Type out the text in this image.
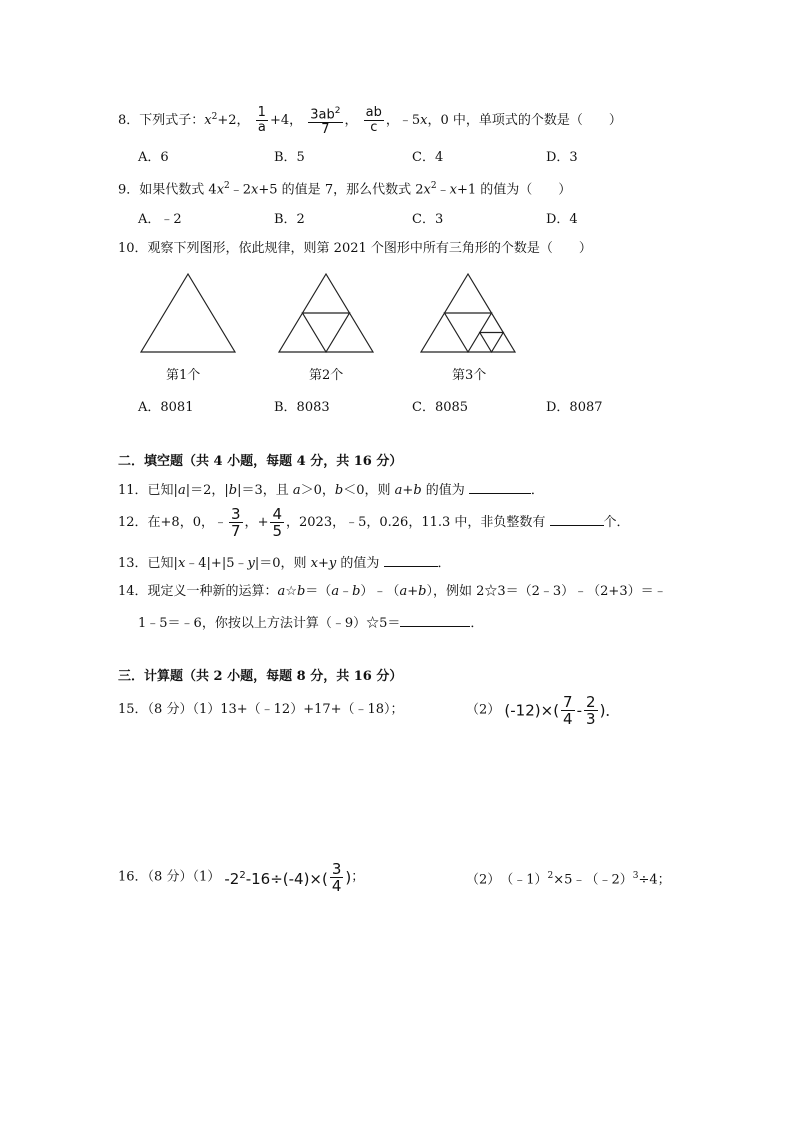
8．下列式子：$x^2+2$， $\frac{1}{a} +4$， $\frac{3ab^2}{7}$ ， $\frac{ab}{c}$ ，﹣5x，0 中，单项式的个数是（　　）
A．6	B．5	C．4	D．3
9．如果代数式 $4x^2﹣2x+5$ 的值是 7，那么代数式 $2x^2﹣x+1$ 的值为（　　）
A．﹣2	B．2	C．3	D．4
10．观察下列图形，依此规律，则第 2021 个图形中所有三角形的个数是（　　）
第1个	第2个	第3个
A．8081	B．8083	C．8085	D．8087
二．填空题（共 4 小题，每题 4 分，共 16 分）
11．已知|a|＝2，|b|＝3，且 a＞0，b＜0，则 a+b 的值为	．
12．在+8，0，﹣ $\frac{3}{7}$ ，+ $\frac{4}{5}$ ，2023，﹣5，0.26，11.3 中，非负整数有	个．
13．已知|x﹣4|+|5﹣y|＝0，则 x+y 的值为	．
14．现定义一种新的运算：a☆b＝（a﹣b）﹣（a+b），例如 2☆3＝（2﹣3）﹣（2+3）＝﹣
1﹣5＝﹣6，你按以上方法计算（﹣9）☆5＝	．
三．计算题（共 2 小题，每题 8 分，共 16 分）
15．（8 分）（1）13+（﹣12）+17+（﹣18）；	（2） $(-12)\times( \frac{7}{4} - \frac{2}{3}$ )．
16．（8 分）（1） $-2^2-16\div(-4)\times( \frac{3}{4}$ )；	（2）　（﹣1）$^2$×5﹣（﹣2）$^3$÷4；
